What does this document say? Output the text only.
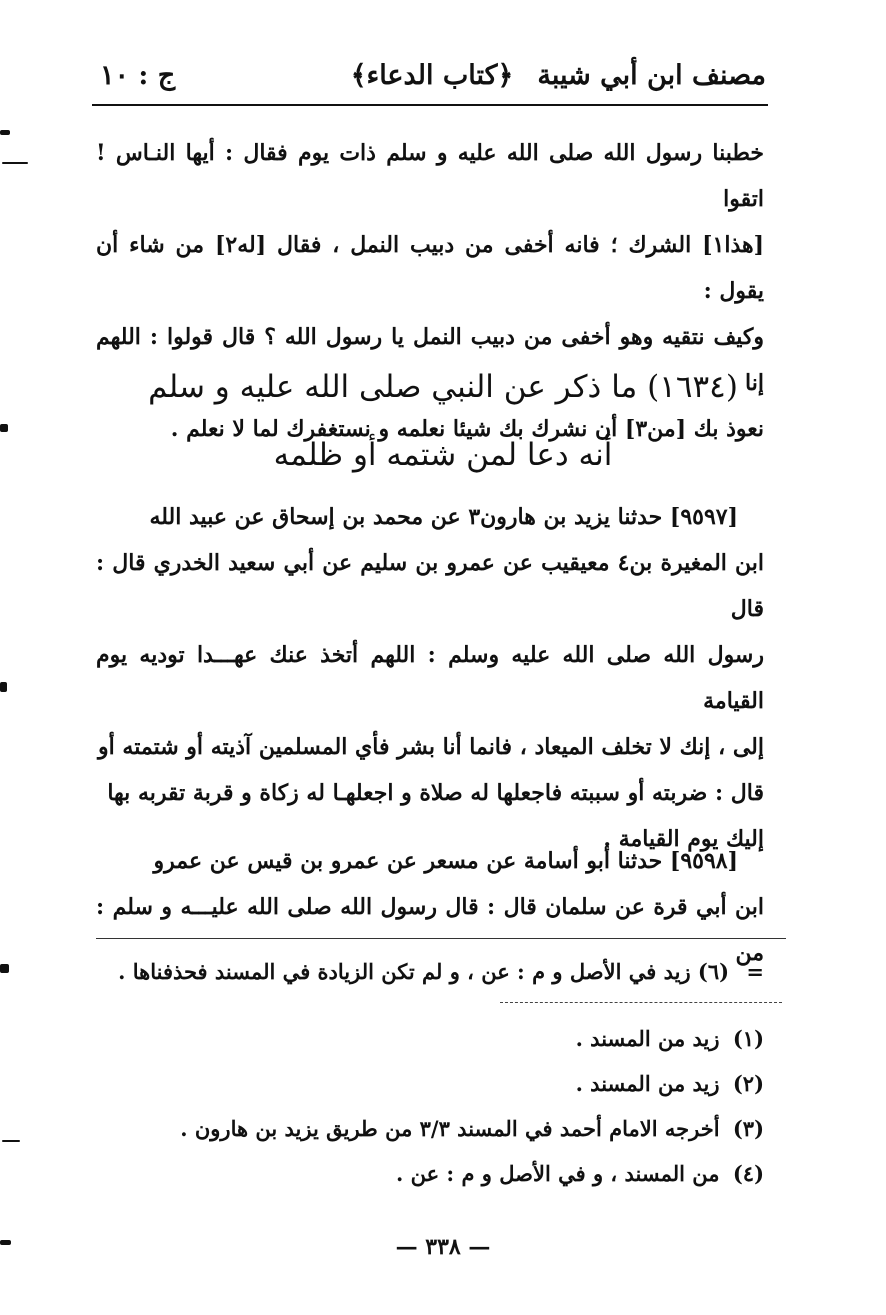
مصنف ابن أبي شيبة
﴿كتاب الدعاء﴾
ج : ١٠
خطبنا رسول الله صلى الله عليه و سلم ذات يوم فقال : أيها النـاس ! اتقوا
[هذا١] الشرك ؛ فانه أخفى من دبيب النمل ، فقال [له٢] من شاء أن يقول :
وكيف نتقيه وهو أخفى من دبيب النمل يا رسول الله ؟ قال قولوا : اللهم إنا
نعوذ بك [من٣] أن نشرك بك شيئا نعلمه و نستغفرك لما لا نعلم .
(١٦٣٤) ما ذكر عن النبي صلى الله عليه و سلم
أنه دعا لمن شتمه أو ظلمه
[٩٥٩٧] حدثنا يزيد بن هارون٣ عن محمد بن إسحاق عن عبيد الله
ابن المغيرة بن٤ معيقيب عن عمرو بن سليم عن أبي سعيد الخدري قال : قال
رسول الله صلى الله عليه وسلم : اللهم أتخذ عنك عهـــدا توديه يوم القيامة
إلى ، إنك لا تخلف الميعاد ، فانما أنا بشر فأي المسلمين آذيته أو شتمته أو
قال : ضربته أو سببته فاجعلها له صلاة و اجعلهـا له زكاة و قربة تقربه بها
إليك يوم القيامة .
[٩٥٩٨] حدثنا أبو أسامة عن مسعر عن عمرو بن قيس عن عمرو
ابن أبي قرة عن سلمان قال : قال رسول الله صلى الله عليـــه و سلم : من
= (٦) زيد في الأصل و م : عن ، و لم تكن الزيادة في المسند فحذفناها .
(١) زيد من المسند .
(٢) زيد من المسند .
(٣) أخرجه الامام أحمد في المسند ٣/٣ من طريق يزيد بن هارون .
(٤) من المسند ، و في الأصل و م : عن .
— ٣٣٨ —
